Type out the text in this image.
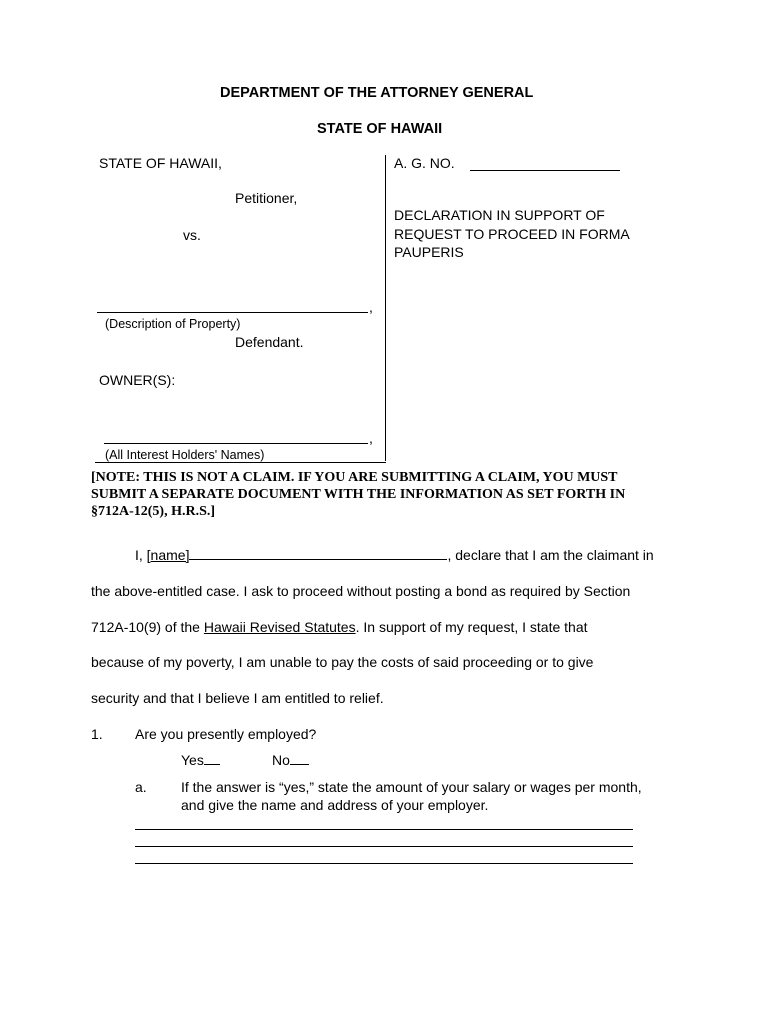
DEPARTMENT OF THE ATTORNEY GENERAL
STATE OF HAWAII
STATE OF HAWAII,
Petitioner,
vs.
,
(Description of Property)
Defendant.
OWNER(S):
,
(All Interest Holders' Names)
A. G. NO.
DECLARATION IN SUPPORT OF
REQUEST TO PROCEED IN FORMA
PAUPERIS
[NOTE: THIS IS NOT A CLAIM. IF YOU ARE SUBMITTING A CLAIM, YOU MUST
SUBMIT A SEPARATE DOCUMENT WITH THE INFORMATION AS SET FORTH IN
§712A-12(5), H.R.S.]
I, [name]	, declare that I am the claimant in
the above-entitled case. I ask to proceed without posting a bond as required by Section
712A-10(9) of the Hawaii Revised Statutes. In support of my request, I state that
because of my poverty, I am unable to pay the costs of said proceeding or to give
security and that I believe I am entitled to relief.
1. Are you presently employed?
Yes	No
a. If the answer is “yes,” state the amount of your salary or wages per month,
and give the name and address of your employer.
